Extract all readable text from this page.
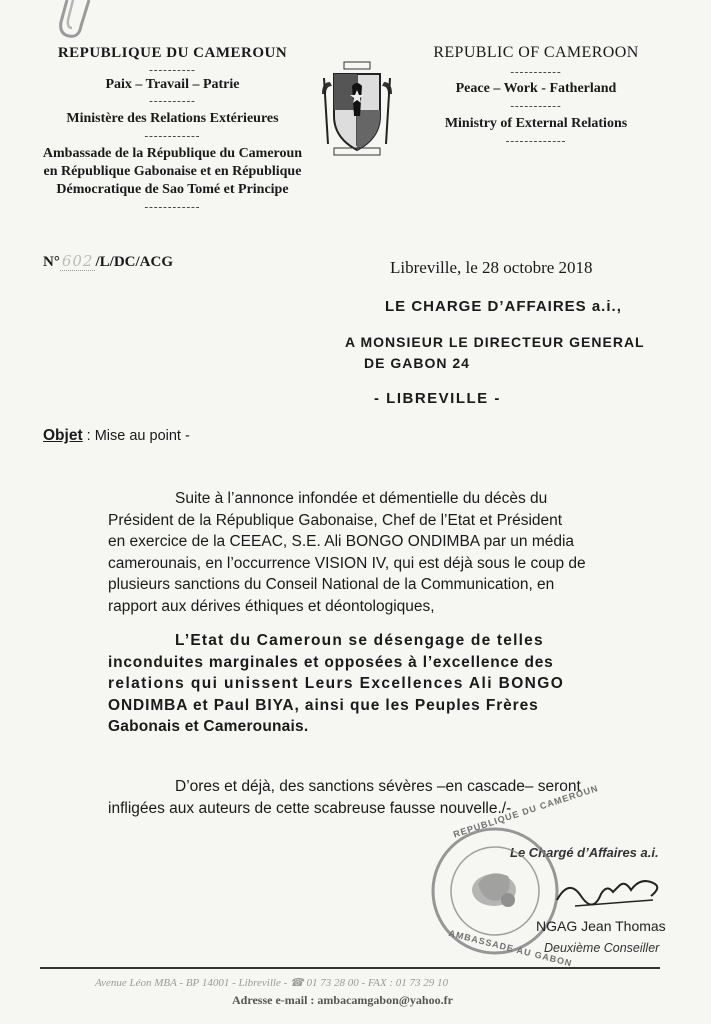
REPUBLIQUE DU CAMEROUN
----------
Paix – Travail – Patrie
----------
Ministère des Relations Extérieures
------------
Ambassade de la République du Cameroun
en République Gabonaise et en République
Démocratique de Sao Tomé et Principe
------------
REPUBLIC OF CAMEROON
-----------
Peace – Work - Fatherland
-----------
Ministry of External Relations
-------------
N° 602 /L/DC/ACG	Libreville, le 28 octobre 2018
LE CHARGE D’AFFAIRES a.i.,
A MONSIEUR LE DIRECTEUR GENERAL
DE GABON 24
- LIBREVILLE -
Objet : Mise au point -
Suite à l’annonce infondée et démentielle du décès du
Président de la République Gabonaise, Chef de l’Etat et Président
en exercice de la CEEAC, S.E. Ali BONGO ONDIMBA par un média
camerounais, en l’occurrence VISION IV, qui est déjà sous le coup de
plusieurs sanctions du Conseil National de la Communication, en
rapport aux dérives éthiques et déontologiques,
L’Etat du Cameroun se désengage de telles
inconduites marginales et opposées à l’excellence des
relations qui unissent Leurs Excellences Ali BONGO
ONDIMBA et Paul BIYA, ainsi que les Peuples Frères
Gabonais et Camerounais.
D’ores et déjà, des sanctions sévères –en cascade– seront
infligées aux auteurs de cette scabreuse fausse nouvelle./-
Le Chargé d’Affaires a.i.
REPUBLIQUE DU CAMEROUN
AMBASSADE AU GABON
NGAG Jean Thomas
Deuxième Conseiller
Avenue Léon MBA - BP 14001 - Libreville - ☎ 01 73 28 00 - FAX : 01 73 29 10
Adresse e-mail : ambacamgabon@yahoo.fr
